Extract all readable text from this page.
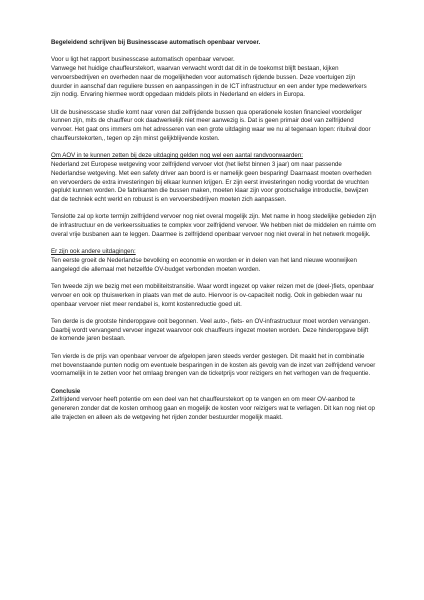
Begeleidend schrijven bij Businesscase automatisch openbaar vervoer.

Voor u ligt het rapport businesscase automatisch openbaar vervoer.

Vanwege het huidige chauffeurstekort, waarvan verwacht wordt dat dit in de toekomst blijft bestaan, kijken vervoersbedrijven en overheden naar de mogelijkheden voor automatisch rijdende bussen. Deze voertuigen zijn duurder in aanschaf dan reguliere bussen en aanpassingen in de ICT infrastructuur en een ander type medewerkers zijn nodig. Ervaring hiermee wordt opgedaan middels pilots in Nederland en elders in Europa.

Uit de businesscase studie komt naar voren dat zelfrijdende bussen qua operationele kosten financieel voordeliger kunnen zijn, mits de chauffeur ook daadwerkelijk niet meer aanwezig is. Dat is geen primair doel van zelfrijdend vervoer. Het gaat ons immers om het adresseren van een grote uitdaging waar we nu al tegenaan lopen: rituitval door chauffeurstekorten,, tegen op zijn minst gelijkblijvende kosten.

Om AOV in te kunnen zetten bij deze uitdaging gelden nog wel een aantal randvoorwaarden:

Nederland zet Europese wetgeving voor zelfrijdend vervoer vlot (het liefst binnen 3 jaar) om naar passende Nederlandse wetgeving. Met een safety driver aan boord is er namelijk geen besparing! Daarnaast moeten overheden en vervoerders de extra investeringen bij elkaar kunnen krijgen. Er zijn eerst investeringen nodig voordat de vruchten geplukt kunnen worden. De fabrikanten die bussen maken, moeten klaar zijn voor grootschalige introductie, bewijzen dat de techniek echt werkt en robuust is en vervoersbedrijven moeten zich aanpassen.

Tenslotte zal op korte termijn zelfrijdend vervoer nog niet overal mogelijk zijn. Met name in hoog stedelijke gebieden zijn de infrastructuur en de verkeerssituaties te complex voor zelfrijdend vervoer. We hebben niet de middelen en ruimte om overal vrije busbanen aan te leggen. Daarmee is zelfrijdend openbaar vervoer nog niet overal in het netwerk mogelijk.

Er zijn ook andere uitdagingen:

Ten eerste groeit de Nederlandse bevolking en economie en worden er in delen van het land nieuwe woonwijken aangelegd die allemaal met hetzelfde OV-budget verbonden moeten worden.

Ten tweede zijn we bezig met een mobiliteitstransitie. Waar wordt ingezet op vaker reizen met de (deel-)fiets, openbaar vervoer en ook op thuiswerken in plaats van met de auto. Hiervoor is ov-capaciteit nodig. Ook in gebieden waar nu openbaar vervoer niet meer rendabel is, komt kostenreductie goed uit.

Ten derde is de grootste hinderopgave ooit begonnen. Veel auto-, fiets- en OV-infrastructuur moet worden vervangen. Daarbij wordt vervangend vervoer ingezet waarvoor ook chauffeurs ingezet moeten worden. Deze hinderopgave blijft de komende jaren bestaan.

Ten vierde is de prijs van openbaar vervoer de afgelopen jaren steeds verder gestegen. Dit maakt het in combinatie met bovenstaande punten nodig om eventuele besparingen in de kosten als gevolg van de inzet van zelfrijdend vervoer voornamelijk in te zetten voor het omlaag brengen van de ticketprijs voor reizigers en het verhogen van de frequentie.

Conclusie

Zelfrijdend vervoer heeft potentie om een deel van het chauffeurstekort op te vangen en om meer OV-aanbod te genereren zonder dat de kosten omhoog gaan en mogelijk de kosten voor reizigers wat te verlagen. Dit kan nog niet op alle trajecten en alleen als de wetgeving het rijden zonder bestuurder mogelijk maakt.
